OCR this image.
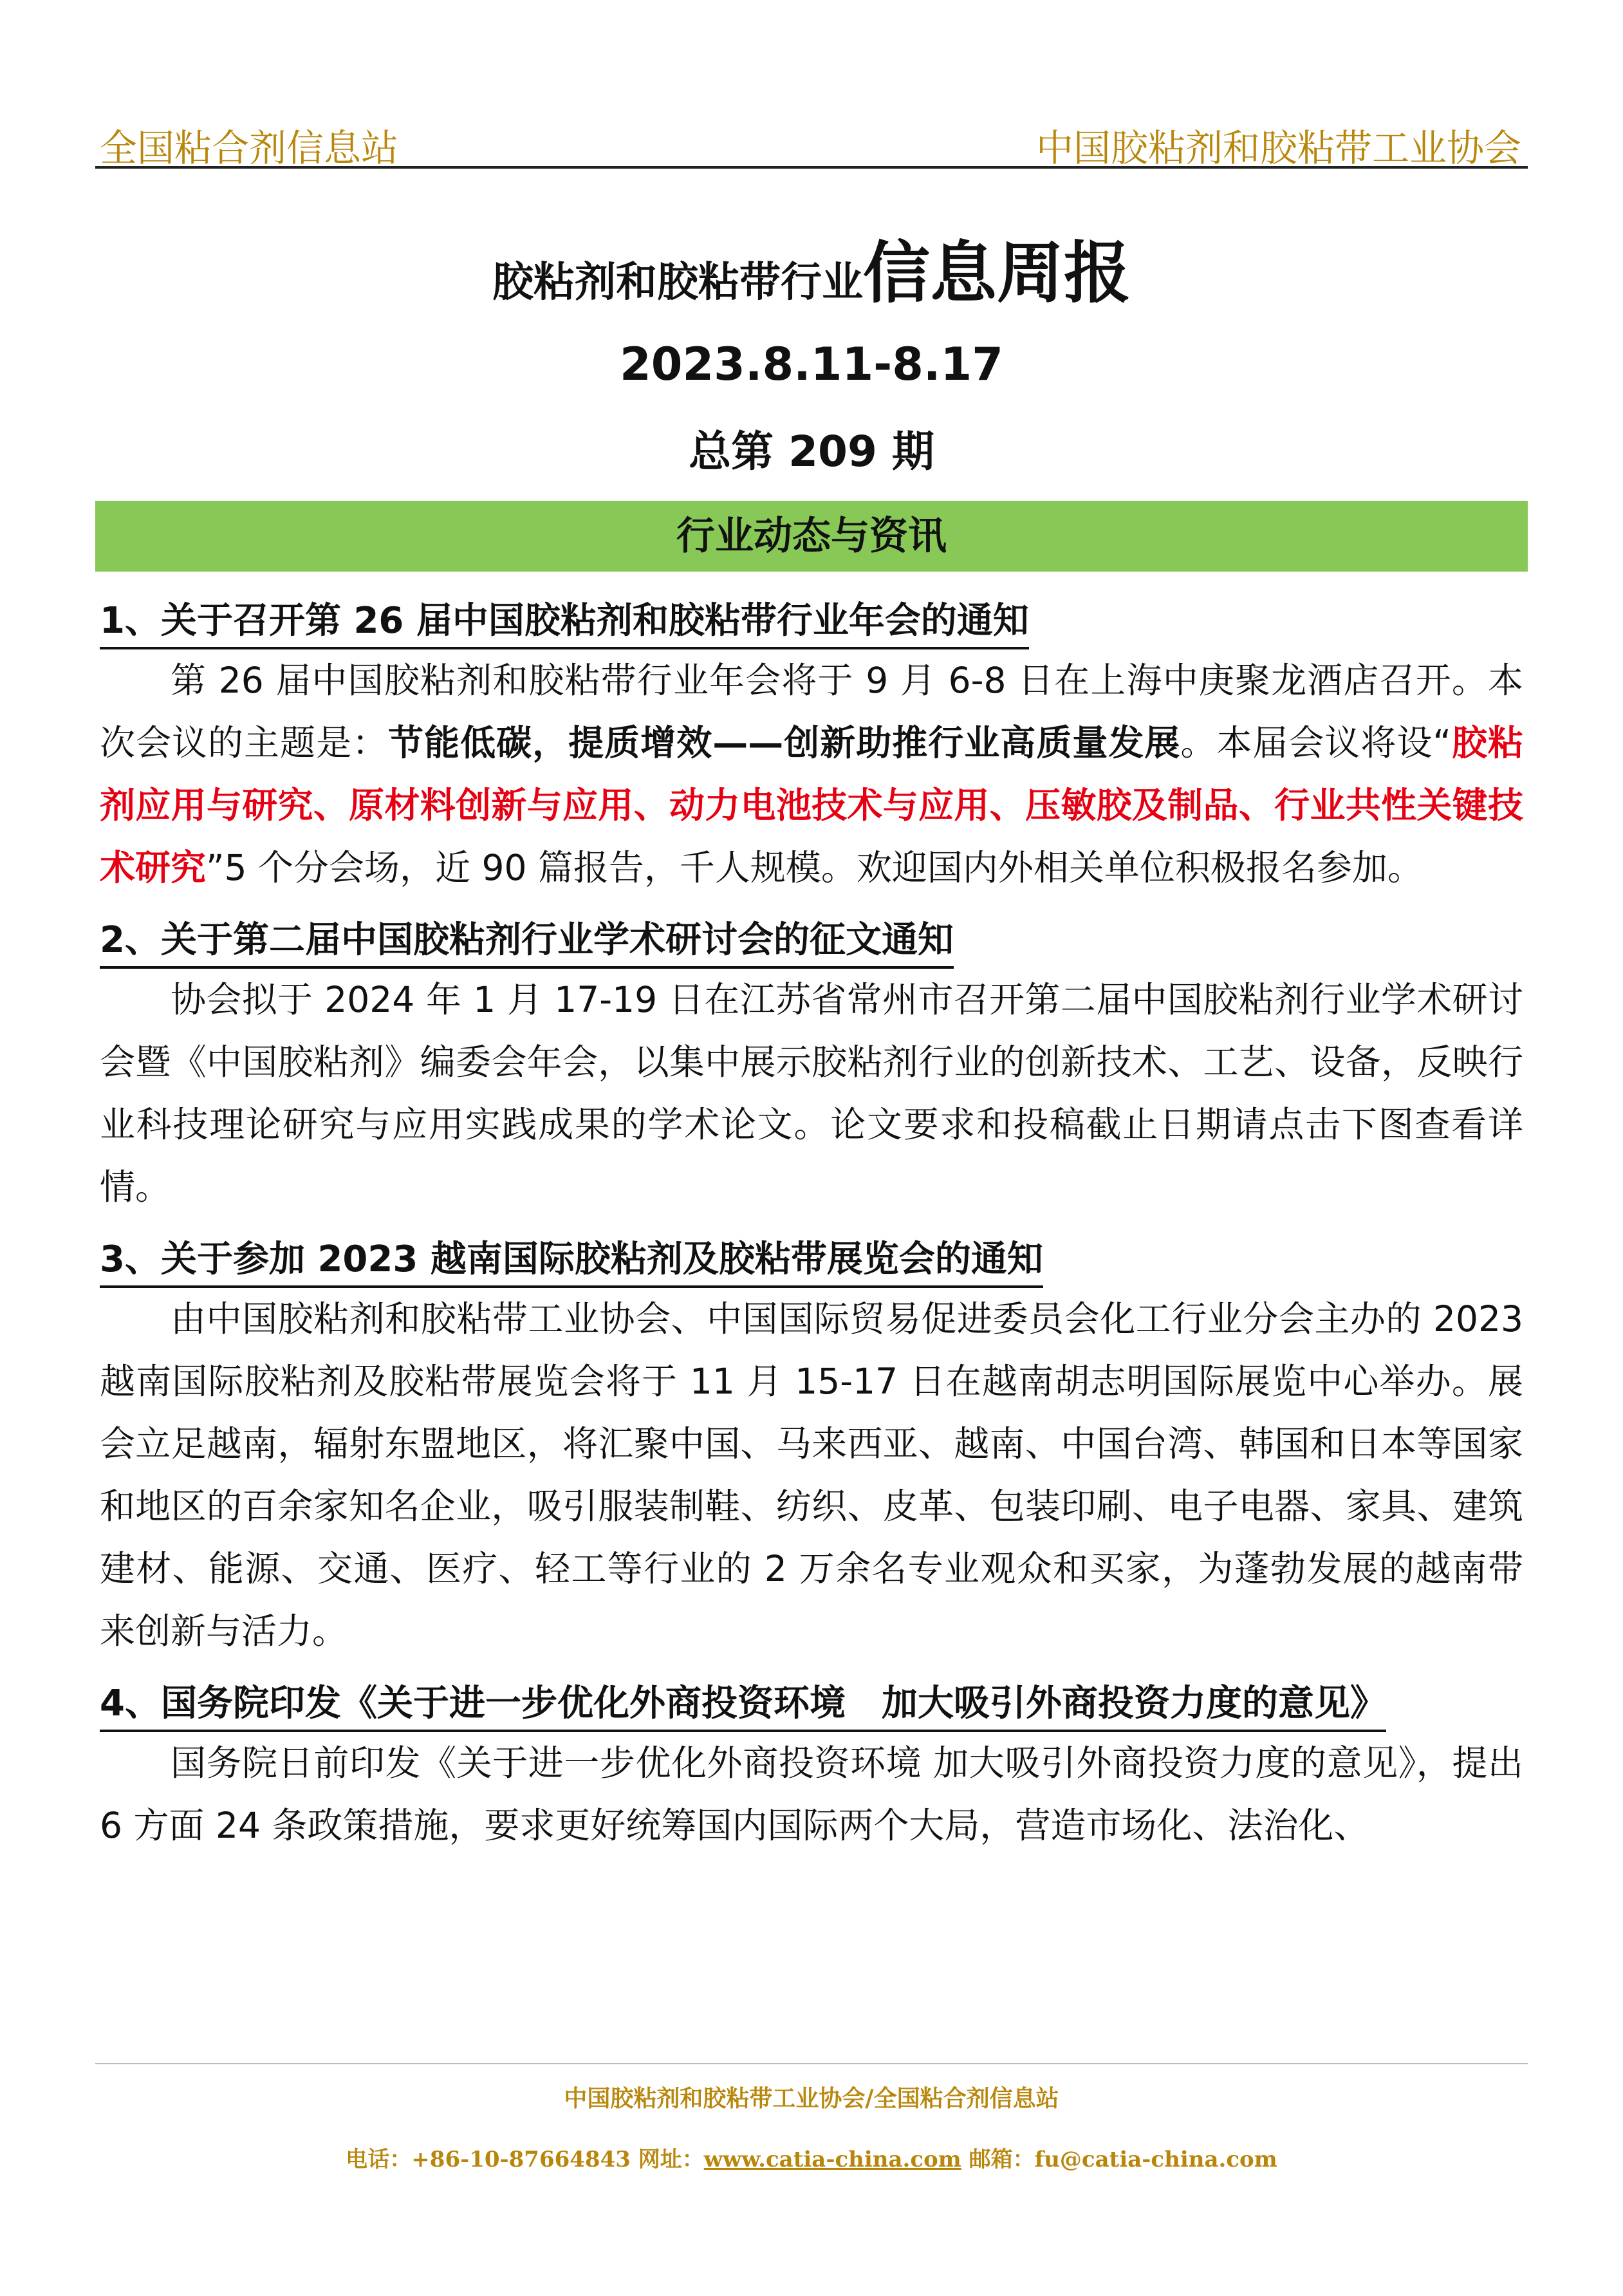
全国粘合剂信息站	中国胶粘剂和胶粘带工业协会
胶粘剂和胶粘带行业信息周报
2023.8.11-8.17
总第 209 期
行业动态与资讯
1、关于召开第 26 届中国胶粘剂和胶粘带行业年会的通知

第 26 届中国胶粘剂和胶粘带行业年会将于 9 月 6-8 日在上海中庚聚龙酒店召开。本次会议的主题是：节能低碳，提质增效——创新助推行业高质量发展。本届会议将设“胶粘剂应用与研究、原材料创新与应用、动力电池技术与应用、压敏胶及制品、行业共性关键技术研究”5 个分会场，近 90 篇报告，千人规模。欢迎国内外相关单位积极报名参加。

2、关于第二届中国胶粘剂行业学术研讨会的征文通知

协会拟于 2024 年 1 月 17-19 日在江苏省常州市召开第二届中国胶粘剂行业学术研讨会暨《中国胶粘剂》编委会年会，以集中展示胶粘剂行业的创新技术、工艺、设备，反映行业科技理论研究与应用实践成果的学术论文。论文要求和投稿截止日期请点击下图查看详情。

3、关于参加 2023 越南国际胶粘剂及胶粘带展览会的通知

由中国胶粘剂和胶粘带工业协会、中国国际贸易促进委员会化工行业分会主办的 2023 越南国际胶粘剂及胶粘带展览会将于 11 月 15-17 日在越南胡志明国际展览中心举办。展会立足越南，辐射东盟地区，将汇聚中国、马来西亚、越南、中国台湾、韩国和日本等国家和地区的百余家知名企业，吸引服装制鞋、纺织、皮革、包装印刷、电子电器、家具、建筑建材、能源、交通、医疗、轻工等行业的 2 万余名专业观众和买家，为蓬勃发展的越南带来创新与活力。

4、国务院印发《关于进一步优化外商投资环境　加大吸引外商投资力度的意见》

国务院日前印发《关于进一步优化外商投资环境 加大吸引外商投资力度的意见》，提出 6 方面 24 条政策措施，要求更好统筹国内国际两个大局，营造市场化、法治化、

中国胶粘剂和胶粘带工业协会/全国粘合剂信息站
电话：+86-10-87664843 网址：www.catia-china.com 邮箱：fu@catia-china.com
